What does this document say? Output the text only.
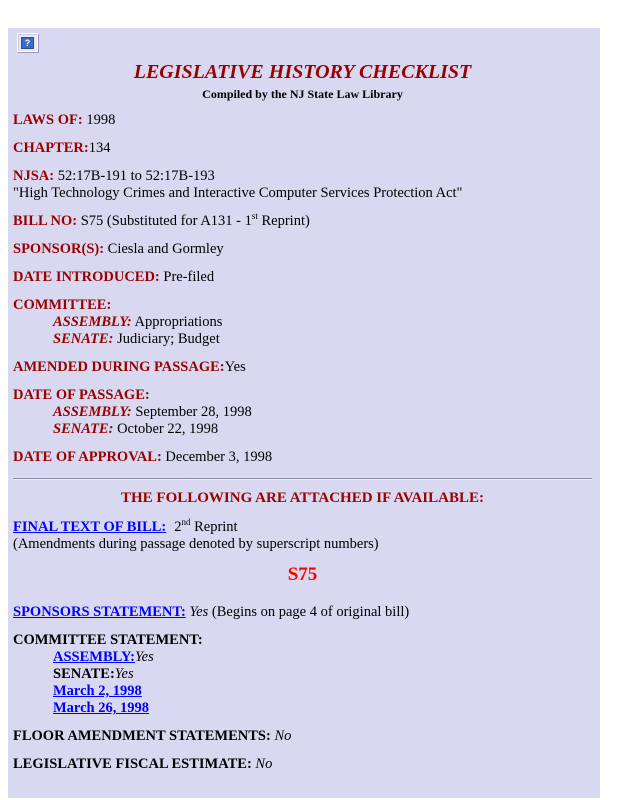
?
LEGISLATIVE HISTORY CHECKLIST
Compiled by the NJ State Law Library

LAWS OF: 1998

CHAPTER:134

NJSA: 52:17B-191 to 52:17B-193
"High Technology Crimes and Interactive Computer Services Protection Act"

BILL NO: S75 (Substituted for A131 - 1st Reprint)

SPONSOR(S): Ciesla and Gormley

DATE INTRODUCED: Pre-filed

COMMITTEE:
ASSEMBLY: Appropriations
SENATE: Judiciary; Budget

AMENDED DURING PASSAGE:Yes

DATE OF PASSAGE:
ASSEMBLY: September 28, 1998
SENATE: October 22, 1998

DATE OF APPROVAL: December 3, 1998

THE FOLLOWING ARE ATTACHED IF AVAILABLE:
FINAL TEXT OF BILL: 2nd Reprint
(Amendments during passage denoted by superscript numbers)
S75

SPONSORS STATEMENT: Yes (Begins on page 4 of original bill)

COMMITTEE STATEMENT:
ASSEMBLY:Yes
SENATE:Yes
March 2, 1998
March 26, 1998

FLOOR AMENDMENT STATEMENTS: No

LEGISLATIVE FISCAL ESTIMATE: No
